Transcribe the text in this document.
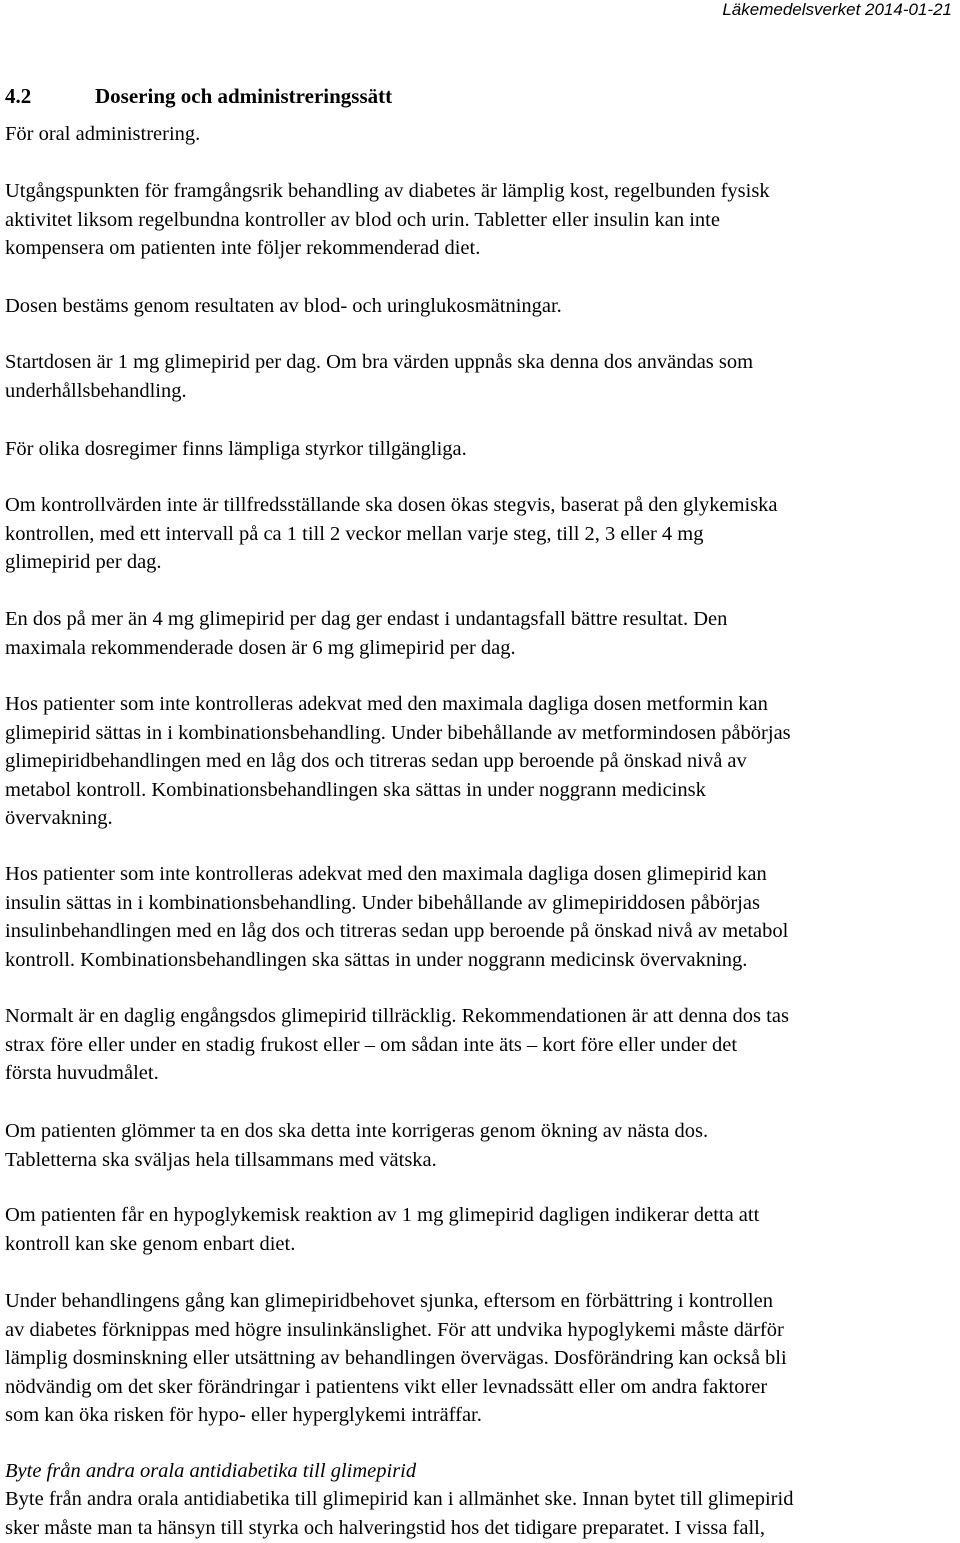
Läkemedelsverket 2014-01-21
4.2	Dosering och administreringssätt

För oral administrering.

Utgångspunkten för framgångsrik behandling av diabetes är lämplig kost, regelbunden fysisk
aktivitet liksom regelbundna kontroller av blod och urin. Tabletter eller insulin kan inte
kompensera om patienten inte följer rekommenderad diet.

Dosen bestäms genom resultaten av blod- och uringlukosmätningar.

Startdosen är 1 mg glimepirid per dag. Om bra värden uppnås ska denna dos användas som
underhållsbehandling.

För olika dosregimer finns lämpliga styrkor tillgängliga.

Om kontrollvärden inte är tillfredsställande ska dosen ökas stegvis, baserat på den glykemiska
kontrollen, med ett intervall på ca 1 till 2 veckor mellan varje steg, till 2, 3 eller 4 mg
glimepirid per dag.

En dos på mer än 4 mg glimepirid per dag ger endast i undantagsfall bättre resultat. Den
maximala rekommenderade dosen är 6 mg glimepirid per dag.

Hos patienter som inte kontrolleras adekvat med den maximala dagliga dosen metformin kan
glimepirid sättas in i kombinationsbehandling. Under bibehållande av metformindosen påbörjas
glimepiridbehandlingen med en låg dos och titreras sedan upp beroende på önskad nivå av
metabol kontroll. Kombinationsbehandlingen ska sättas in under noggrann medicinsk
övervakning.

Hos patienter som inte kontrolleras adekvat med den maximala dagliga dosen glimepirid kan
insulin sättas in i kombinationsbehandling. Under bibehållande av glimepiriddosen påbörjas
insulinbehandlingen med en låg dos och titreras sedan upp beroende på önskad nivå av metabol
kontroll. Kombinationsbehandlingen ska sättas in under noggrann medicinsk övervakning.

Normalt är en daglig engångsdos glimepirid tillräcklig. Rekommendationen är att denna dos tas
strax före eller under en stadig frukost eller – om sådan inte äts – kort före eller under det
första huvudmålet.

Om patienten glömmer ta en dos ska detta inte korrigeras genom ökning av nästa dos.
Tabletterna ska sväljas hela tillsammans med vätska.

Om patienten får en hypoglykemisk reaktion av 1 mg glimepirid dagligen indikerar detta att
kontroll kan ske genom enbart diet.

Under behandlingens gång kan glimepiridbehovet sjunka, eftersom en förbättring i kontrollen
av diabetes förknippas med högre insulinkänslighet. För att undvika hypoglykemi måste därför
lämplig dosminskning eller utsättning av behandlingen övervägas. Dosförändring kan också bli
nödvändig om det sker förändringar i patientens vikt eller levnadssätt eller om andra faktorer
som kan öka risken för hypo- eller hyperglykemi inträffar.

Byte från andra orala antidiabetika till glimepirid

Byte från andra orala antidiabetika till glimepirid kan i allmänhet ske. Innan bytet till glimepirid
sker måste man ta hänsyn till styrka och halveringstid hos det tidigare preparatet. I vissa fall,
